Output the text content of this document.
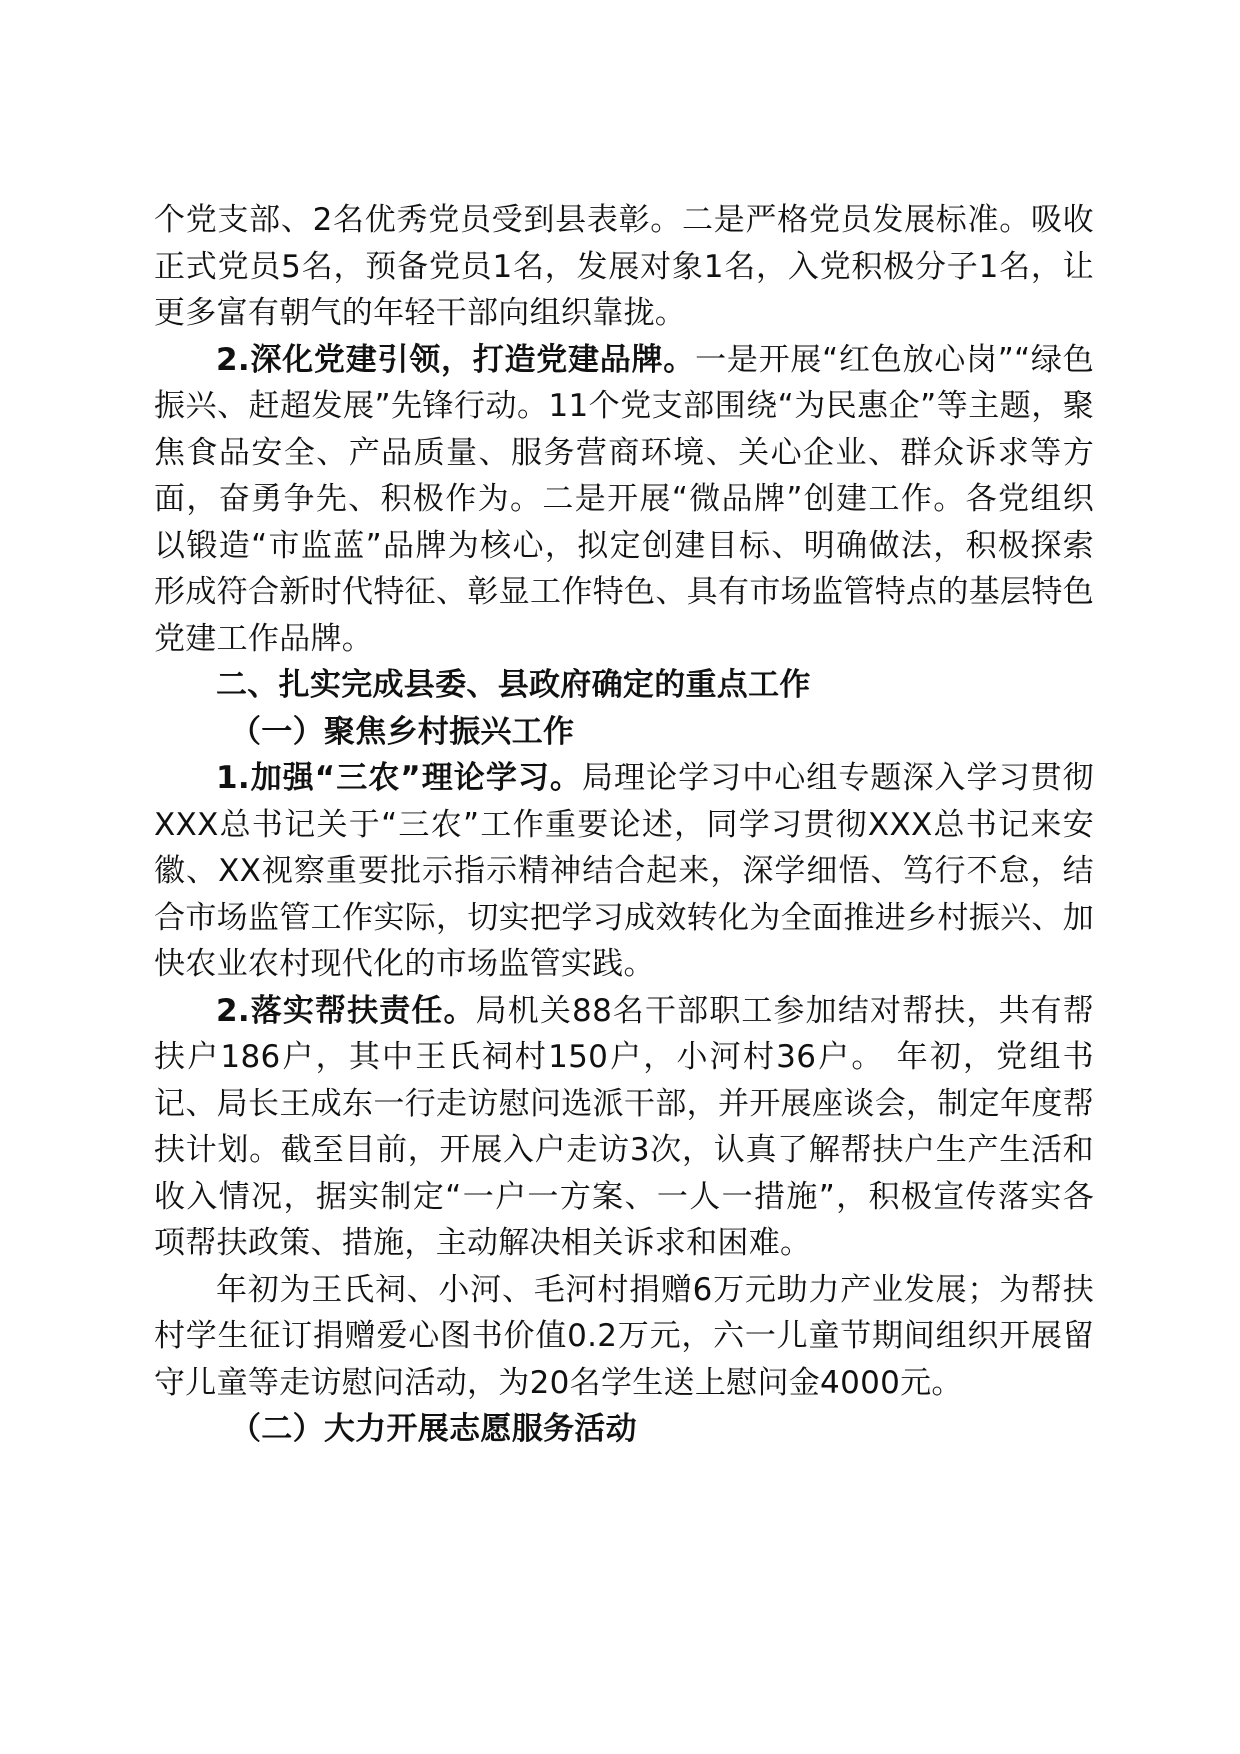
个党支部、2名优秀党员受到县表彰。二是严格党员发展标准。吸收正式党员5名，预备党员1名，发展对象1名，入党积极分子1名，让更多富有朝气的年轻干部向组织靠拢。

2.深化党建引领，打造党建品牌。一是开展“红色放心岗”“绿色振兴、赶超发展”先锋行动。11个党支部围绕“为民惠企”等主题，聚焦食品安全、产品质量、服务营商环境、关心企业、群众诉求等方面，奋勇争先、积极作为。二是开展“微品牌”创建工作。各党组织以锻造“市监蓝”品牌为核心，拟定创建目标、明确做法，积极探索形成符合新时代特征、彰显工作特色、具有市场监管特点的基层特色党建工作品牌。

二、扎实完成县委、县政府确定的重点工作
（一）聚焦乡村振兴工作

1.加强“三农”理论学习。局理论学习中心组专题深入学习贯彻XXX总书记关于“三农”工作重要论述，同学习贯彻XXX总书记来安徽、XX视察重要批示指示精神结合起来，深学细悟、笃行不怠，结合市场监管工作实际，切实把学习成效转化为全面推进乡村振兴、加快农业农村现代化的市场监管实践。

2.落实帮扶责任。局机关88名干部职工参加结对帮扶，共有帮扶户186户，其中王氏祠村150户，小河村36户。 年初，党组书记、局长王成东一行走访慰问选派干部，并开展座谈会，制定年度帮扶计划。截至目前，开展入户走访3次，认真了解帮扶户生产生活和收入情况，据实制定“一户一方案、一人一措施”，积极宣传落实各项帮扶政策、措施，主动解决相关诉求和困难。

年初为王氏祠、小河、毛河村捐赠6万元助力产业发展；为帮扶村学生征订捐赠爱心图书价值0.2万元，六一儿童节期间组织开展留守儿童等走访慰问活动，为20名学生送上慰问金4000元。

（二）大力开展志愿服务活动
